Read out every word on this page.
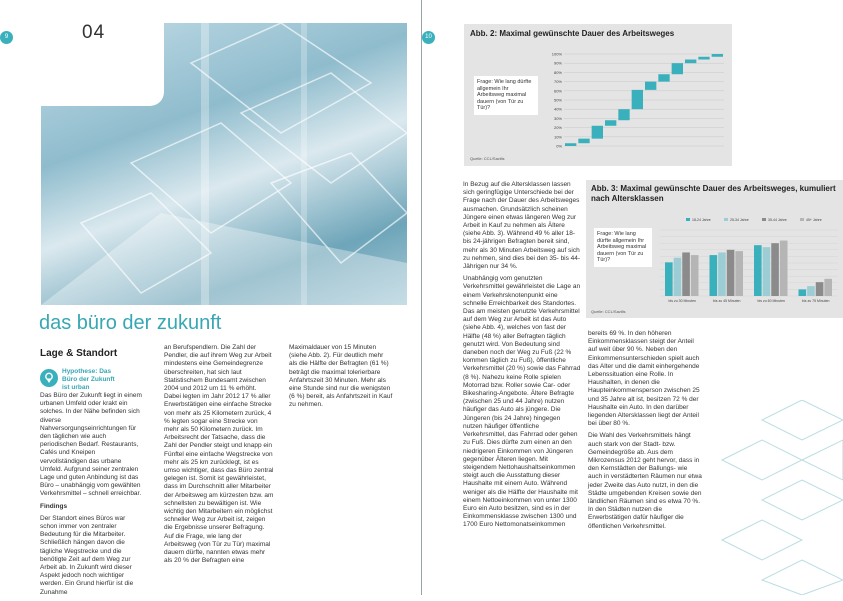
9	04
das büro der zukunft
Lage & Standort
Hypothese: Das Büro der Zukunft ist urban

Das Büro der Zukunft liegt in einem urbanen Umfeld oder krakt ein solches. In der Nähe befinden sich diverse Nahversorgungseinrichtungen für den täglichen wie auch periodischen Bedarf. Restaurants, Cafés und Kneipen vervollständigen das urbane Umfeld. Aufgrund seiner zentralen Lage und guten Anbindung ist das Büro – unabhängig vom gewählten Verkehrsmittel – schnell erreichbar.

Findings

Der Standort eines Büros war schon immer von zentraler Bedeutung für die Mitarbeiter. Schließlich hängen davon die tägliche Wegstrecke und die benötigte Zeit auf dem Weg zur Arbeit ab. In Zukunft wird dieser Aspekt jedoch noch wichtiger werden. Ein Grund hierfür ist die Zunahme

an Berufspendlern. Die Zahl der Pendler, die auf ihrem Weg zur Arbeit mindestens eine Gemeindegrenze überschreiten, hat sich laut Statistischem Bundesamt zwischen 2004 und 2012 um 11 % erhöht. Dabei legten im Jahr 2012 17 % aller Erwerbstätigen eine einfache Strecke von mehr als 25 Kilometern zurück, 4 % legten sogar eine Strecke von mehr als 50 Kilometern zurück. Im Arbeitsrecht der Tatsache, dass die Zahl der Pendler steigt und knapp ein Fünftel eine einfache Wegstrecke von mehr als 25 km zurücklegt, ist es umso wichtiger, dass das Büro zentral gelegen ist. Somit ist gewährleistet, dass im Durchschnitt aller Mitarbeiter der Arbeitsweg am kürzesten bzw. am schnellsten zu bewältigen ist. Wie wichtig den Mitarbeitern ein möglichst schneller Weg zur Arbeit ist, zeigen die Ergebnisse unserer Befragung. Auf die Frage, wie lang der Arbeitsweg (von Tür zu Tür) maximal dauern dürfte, nannten etwas mehr als 20 % der Befragten eine

Maximaldauer von 15 Minuten (siehe Abb. 2). Für deutlich mehr als die Hälfte der Befragten (61 %) beträgt die maximal tolerierbare Anfahrtszeit 30 Minuten. Mehr als eine Stunde sind nur die wenigsten (6 %) bereit, als Anfahrtszeit in Kauf zu nehmen.

10	Abb. 2: Maximal gewünschte Dauer des Arbeitsweges
Frage: Wie lang dürfte allgemein Ihr Arbeitsweg maximal dauern (von Tür zu Tür)?
0%
10%
20%
30%
40%
50%
60%
70%
80%
90%
100%
Quelle: CCL/Savills
Abb. 3: Maximal gewünschte Dauer des Arbeitsweges, kumuliert nach Altersklassen
Frage: Wie lang dürfte allgemein Ihr Arbeitsweg maximal dauern (von Tür zu Tür)?
18-24 Jahre	25-34 Jahre	35-44 Jahre	45+ Jahre
bis zu 30 Minuten	bis zu 45 Minuten	bis zu 60 Minuten	bis zu 75 Minuten
Quelle: CCL/Savills

In Bezug auf die Altersklassen lassen sich geringfügige Unterschiede bei der Frage nach der Dauer des Arbeitsweges ausmachen. Grundsätzlich scheinen Jüngere einen etwas längeren Weg zur Arbeit in Kauf zu nehmen als Ältere (siehe Abb. 3). Während 49 % aller 18- bis 24-jährigen Befragten bereit sind, mehr als 30 Minuten Arbeitsweg auf sich zu nehmen, sind dies bei den 35- bis 44-Jährigen nur 34 %.

Unabhängig vom genutzten Verkehrsmittel gewährleistet die Lage an einem Verkehrsknotenpunkt eine schnelle Erreichbarkeit des Standortes. Das am meisten genutzte Verkehrsmittel auf dem Weg zur Arbeit ist das Auto (siehe Abb. 4), welches von fast der Hälfte (48 %) aller Befragten täglich genutzt wird. Von Bedeutung sind daneben noch der Weg zu Fuß (22 % kommen täglich zu Fuß), öffentliche Verkehrsmittel (20 %) sowie das Fahrrad (8 %). Nahezu keine Rolle spielen Motorrad bzw. Roller sowie Car- oder Bikesharing-Angebote. Ältere Befragte (zwischen 25 und 44 Jahre) nutzen häufiger das Auto als jüngere. Die Jüngeren (bis 24 Jahre) hingegen nutzen häufiger öffentliche Verkehrsmittel, das Fahrrad oder gehen zu Fuß. Dies dürfte zum einen an den niedrigeren Einkommen von Jüngeren gegenüber Älteren liegen. Mit steigendem Nettohaushaltseinkommen steigt auch die Ausstattung dieser Haushalte mit einem Auto. Während weniger als die Hälfte der Haushalte mit einem Nettoeinkommen von unter 1300 Euro ein Auto besitzen, sind es in der Einkommensklasse zwischen 1300 und 1700 Euro Nettomonatseinkommen

bereits 69 %. In den höheren Einkommensklassen steigt der Anteil auf weit über 90 %. Neben den Einkommensunterschieden spielt auch das Alter und die damit einhergehende Lebenssituation eine Rolle. In Haushalten, in denen die Haupteinkommensperson zwischen 25 und 35 Jahre alt ist, besitzen 72 % der Haushalte ein Auto. In den darüber liegenden Altersklassen liegt der Anteil bei über 80 %.

Die Wahl des Verkehrsmittels hängt auch stark von der Stadt- bzw. Gemeindegröße ab. Aus dem Mikrozensus 2012 geht hervor, dass in den Kernstädten der Ballungs- wie auch in verstädterten Räumen nur etwa jeder Zweite das Auto nutzt, in den die Städte umgebenden Kreisen sowie den ländlichen Räumen sind es etwa 70 %. In den Städten nutzen die Erwerbstätigen dafür häufiger die öffentlichen Verkehrsmittel.
